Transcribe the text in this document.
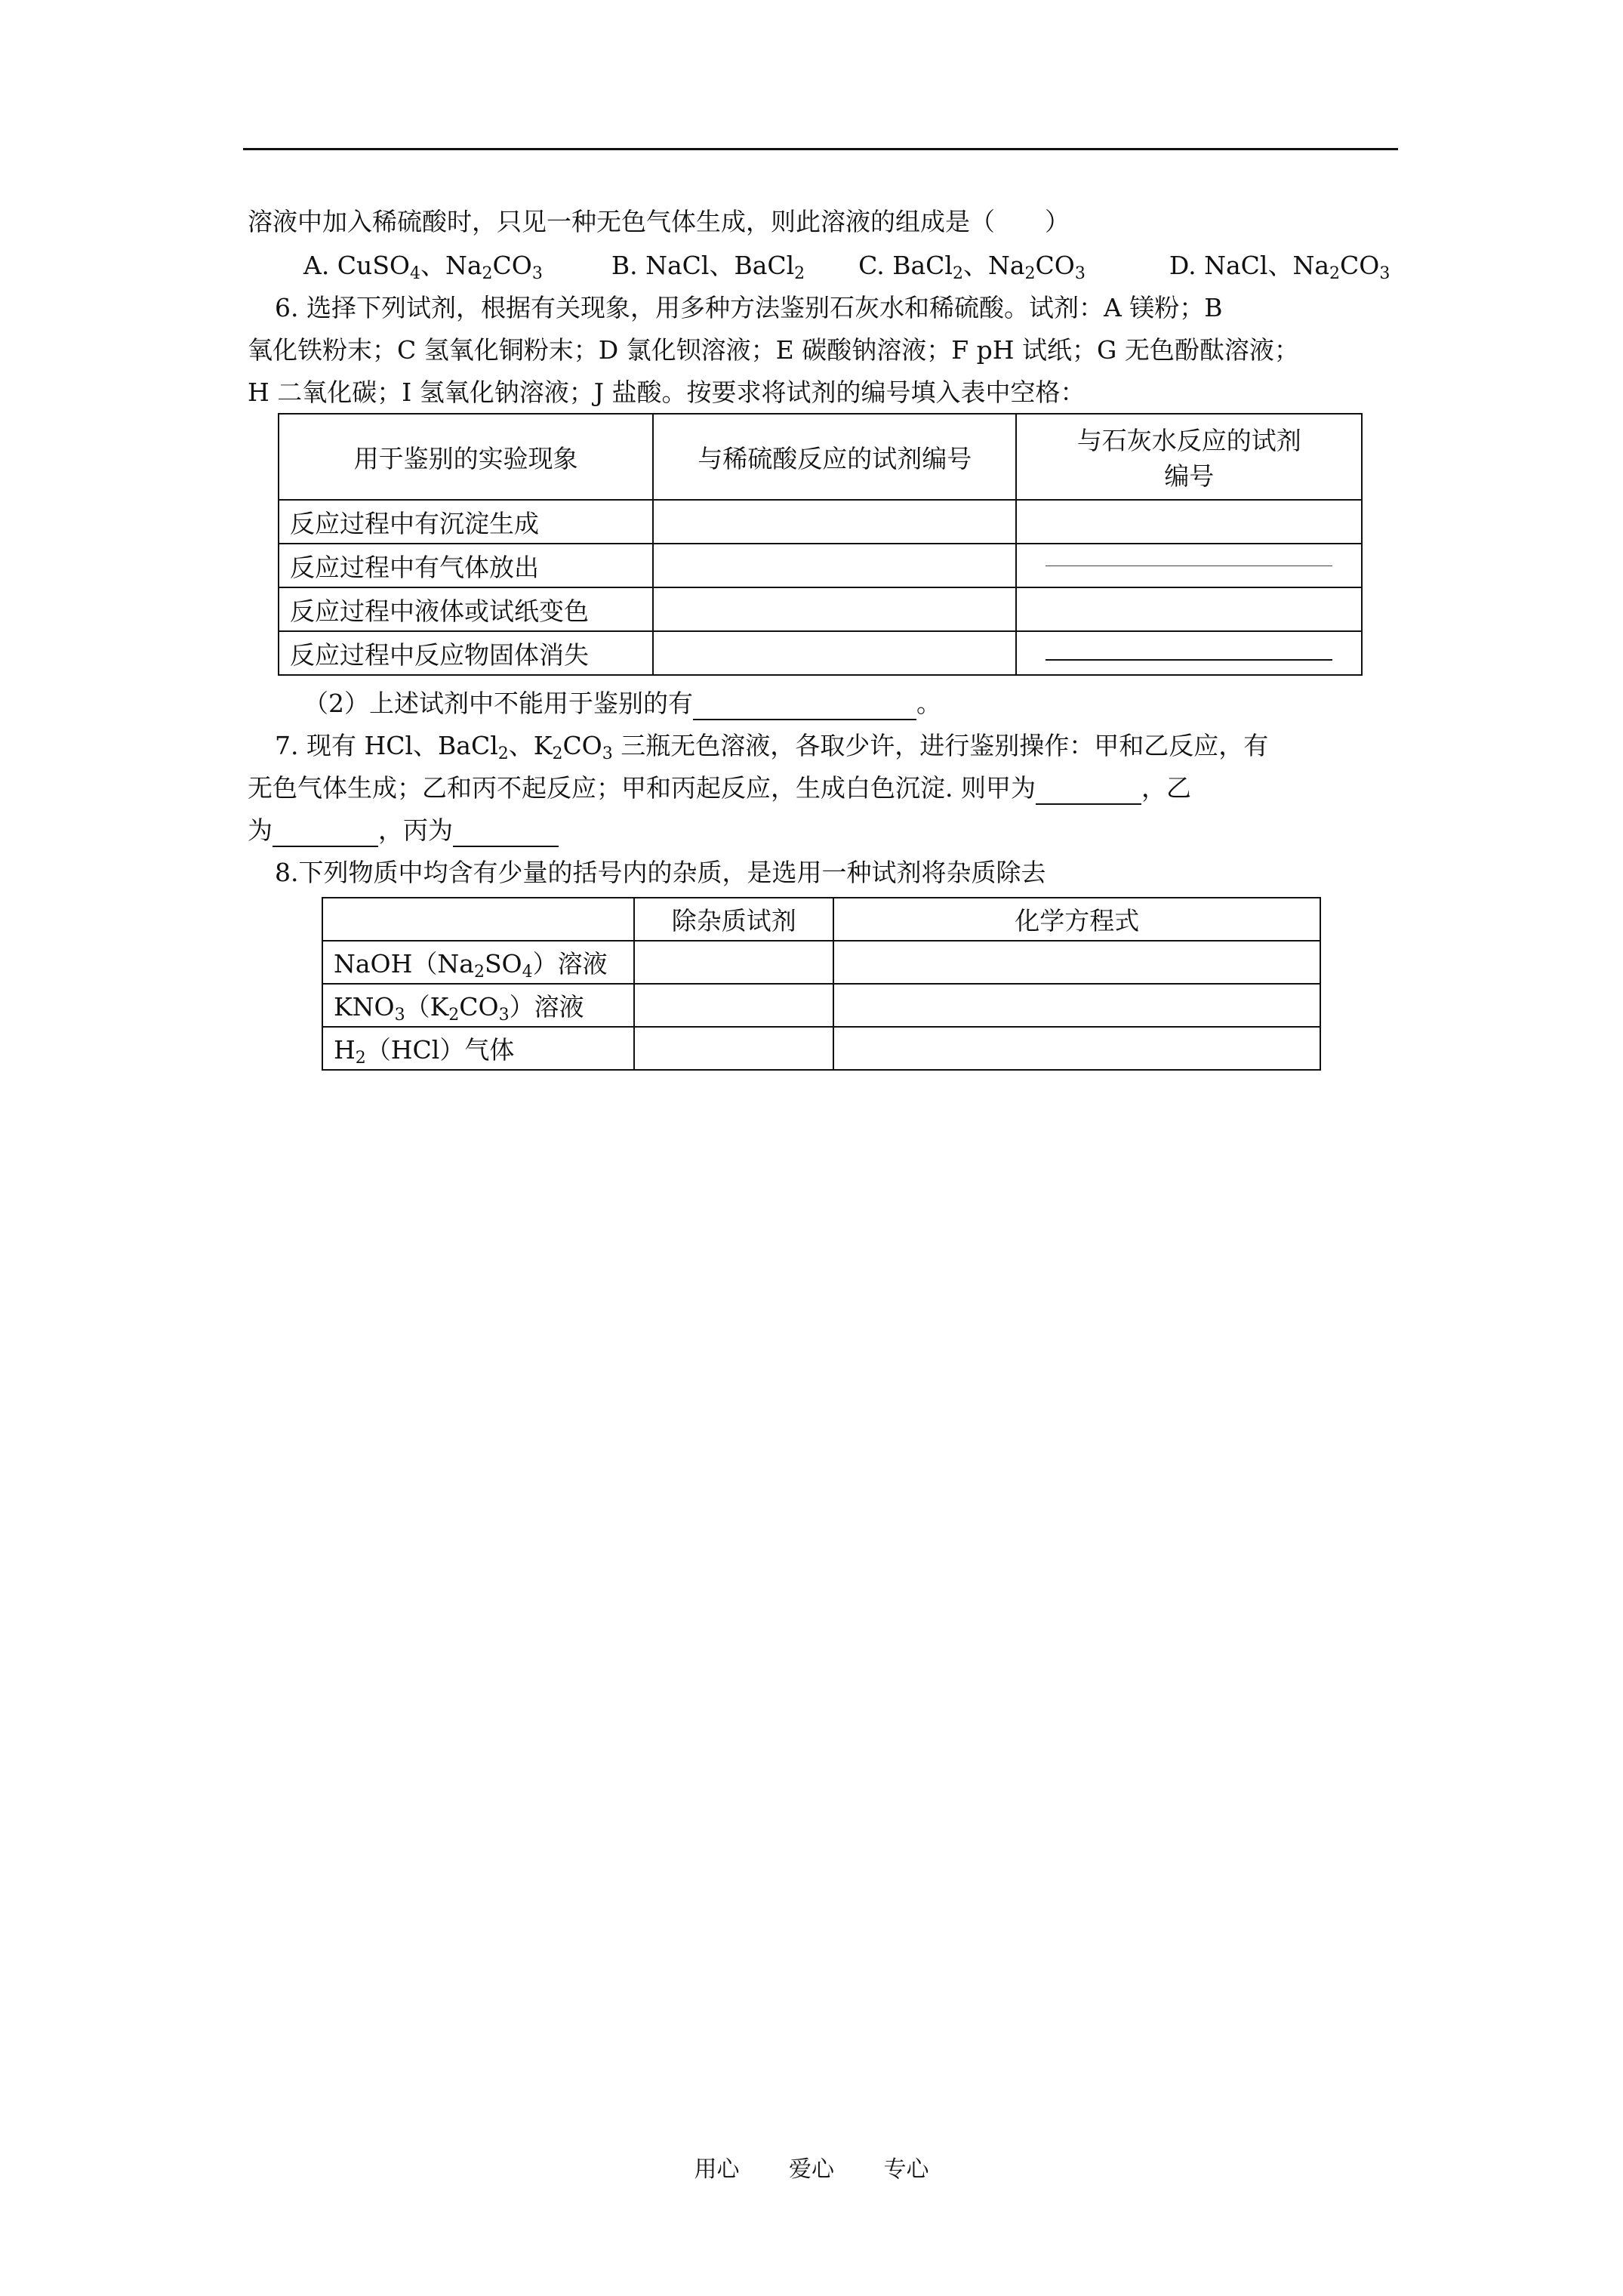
溶液中加入稀硫酸时，只见一种无色气体生成，则此溶液的组成是（　　）
A. CuSO$_4$、$Na_2CO_3$	B. NaCl、BaCl$_2$ C. BaCl$_2$、$Na_2CO_3$	D. NaCl、$Na_2CO_3$
6. 选择下列试剂，根据有关现象，用多种方法鉴别石灰水和稀硫酸。试剂：A 镁粉；B
氧化铁粉末；C 氢氧化铜粉末；D 氯化钡溶液；E 碳酸钠溶液；F pH 试纸；G 无色酚酞溶液；
H 二氧化碳；I 氢氧化钠溶液；J 盐酸。按要求将试剂的编号填入表中空格：
用于鉴别的实验现象	与稀硫酸反应的试剂编号	与石灰水反应的试剂
编号
反应过程中有沉淀生成		
反应过程中有气体放出		

反应过程中液体或试纸变色		
反应过程中反应物固体消失		
（2）上述试剂中不能用于鉴别的有	。
7. 现有 HCl、BaCl$_2$、$K_2CO_3$ 三瓶无色溶液，各取少许，进行鉴别操作：甲和乙反应，有
无色气体生成；乙和丙不起反应；甲和丙起反应，生成白色沉淀. 则甲为	，乙
为	，丙为
8.下列物质中均含有少量的括号内的杂质，是选用一种试剂将杂质除去
	除杂质试剂	化学方程式
$NaOH(Na_2SO_4)$溶液		
$KNO_3(K_2CO_3)$溶液		
$H_2(HCl)$气体		
用心 爱心 专心
